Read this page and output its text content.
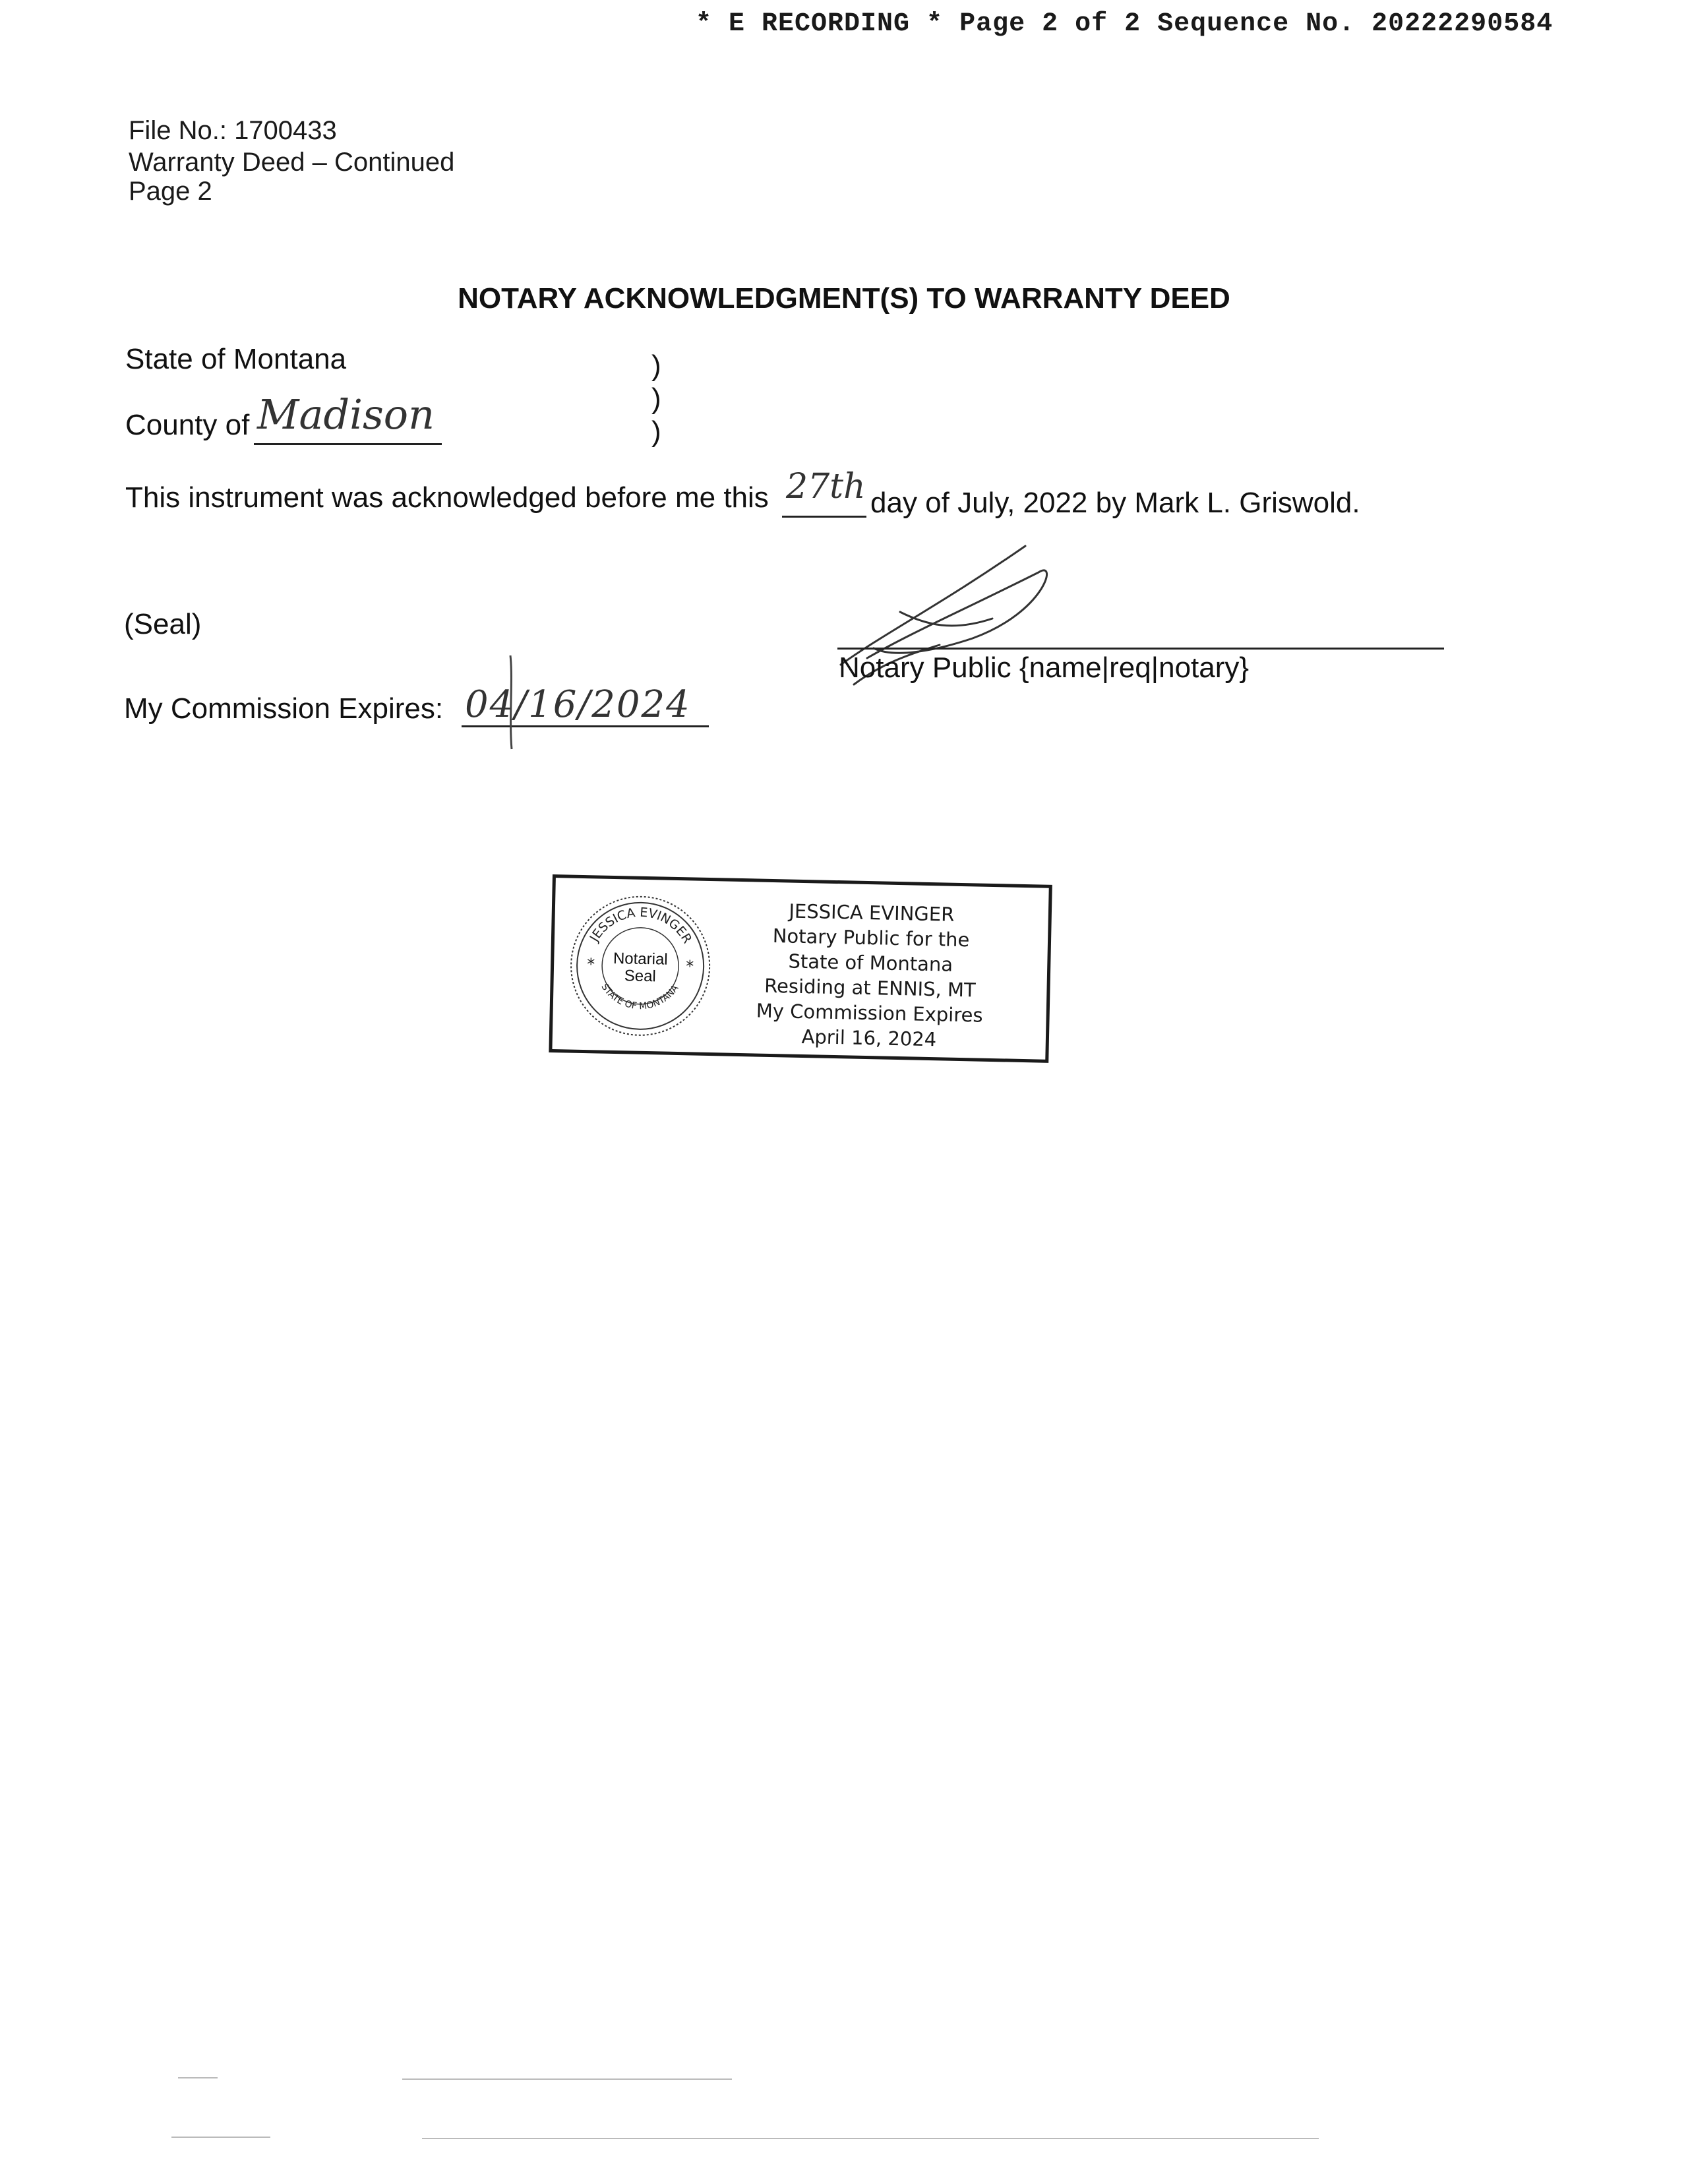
* E RECORDING * Page 2 of 2 Sequence No. 20222290584
File No.: 1700433
Warranty Deed – Continued
Page 2
NOTARY ACKNOWLEDGMENT(S) TO WARRANTY DEED
State of Montana
County of Madison
)
)
)
This instrument was acknowledged before me this 27th day of July, 2022 by Mark L. Griswold.
(Seal)
Notary Public {name|req|notary}
My Commission Expires: 04/16/2024
JESSICA EVINGER
STATE OF MONTANA
Notarial
Seal
*	*
JESSICA EVINGER
Notary Public for the
State of Montana
Residing at ENNIS, MT
My Commission Expires
April 16, 2024
